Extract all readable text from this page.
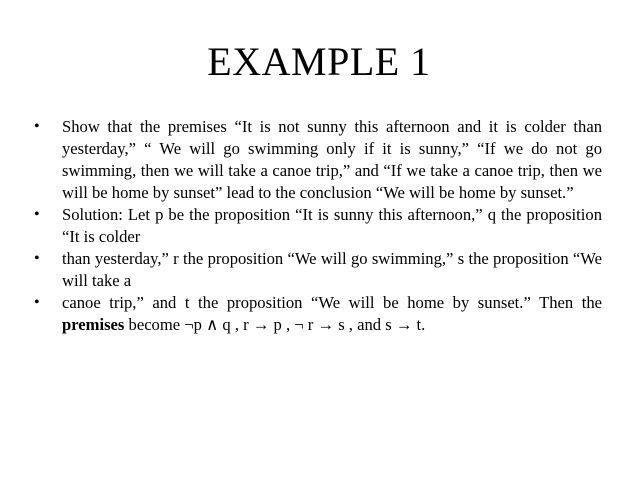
EXAMPLE 1
• Show that the premises “It is not sunny this afternoon and it is colder than yesterday,” “ We will go swimming only if it is sunny,” “If we do not go swimming, then we will take a canoe trip,” and “If we take a canoe trip, then we will be home by sunset” lead to the conclusion “We will be home by sunset.”
• Solution: Let p be the proposition “It is sunny this afternoon,” q the proposition “It is colder
• than yesterday,” r the proposition “We will go swimming,” s the proposition “We will take a
• canoe trip,” and t the proposition “We will be home by sunset.” Then the premises become ¬p ∧ q , r → p , ¬ r → s , and s → t.
